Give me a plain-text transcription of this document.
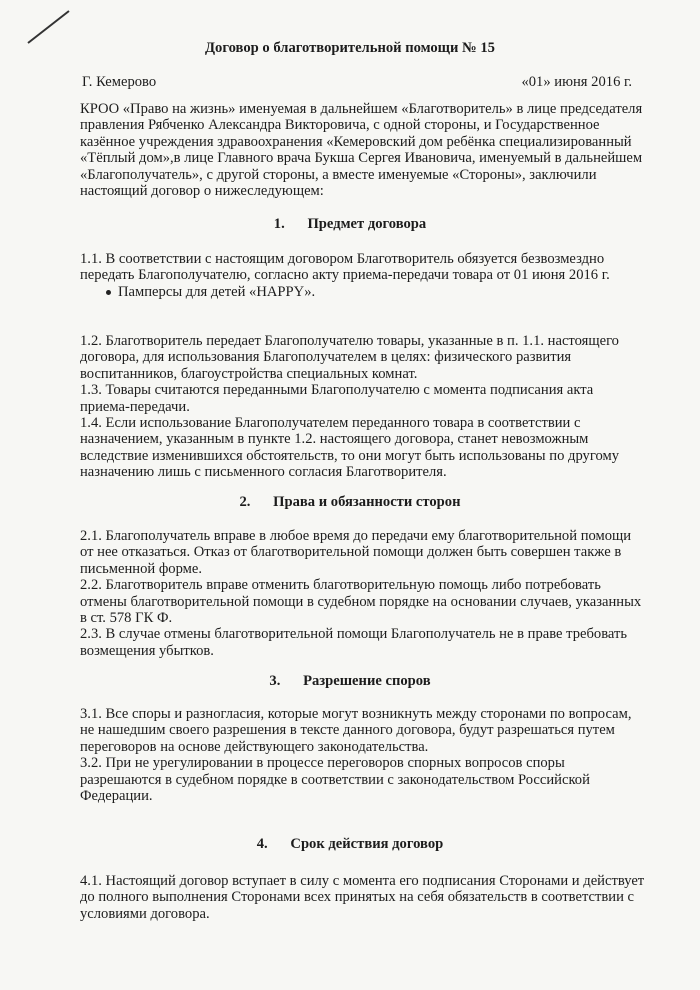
Договор о благотворительной помощи № 15
Г. Кемерово	«01» июня 2016 г.

КРОО «Право на жизнь» именуемая в дальнейшем «Благотворитель» в лице председателя

правления Рябченко Александра Викторовича, с одной стороны, и Государственное

казённое учреждения здравоохранения «Кемеровский дом ребёнка специализированный

«Тёплый дом»,в лице Главного врача Букша Сергея Ивановича, именуемый в дальнейшем

«Благополучатель», с другой стороны, а вместе именуемые «Стороны», заключили

настоящий договор о нижеследующем:

1. Предмет договора

1.1. В соответствии с настоящим договором Благотворитель обязуется безвозмездно

передать Благополучателю, согласно акту приема-передачи товара от 01 июня 2016 г.

Памперсы для детей «HAPPY».

1.2. Благотворитель передает Благополучателю товары, указанные в п. 1.1. настоящего

договора, для использования Благополучателем в целях: физического развития

воспитанников, благоустройства специальных комнат.

1.3. Товары считаются переданными Благополучателю с момента подписания акта

приема-передачи.

1.4. Если использование Благополучателем переданного товара в соответствии с

назначением, указанным в пункте 1.2. настоящего договора, станет невозможным

вследствие изменившихся обстоятельств, то они могут быть использованы по другому

назначению лишь с письменного согласия Благотворителя.

2. Права и обязанности сторон

2.1. Благополучатель вправе в любое время до передачи ему благотворительной помощи

от нее отказаться. Отказ от благотворительной помощи должен быть совершен также в

письменной форме.

2.2. Благотворитель вправе отменить благотворительную помощь либо потребовать

отмены благотворительной помощи в судебном порядке на основании случаев, указанных

в ст. 578 ГК Ф.

2.3. В случае отмены благотворительной помощи Благополучатель не в праве требовать

возмещения убытков.

3. Разрешение споров

3.1. Все споры и разногласия, которые могут возникнуть между сторонами по вопросам,

не нашедшим своего разрешения в тексте данного договора, будут разрешаться путем

переговоров на основе действующего законодательства.

3.2. При не урегулировании в процессе переговоров спорных вопросов споры

разрешаются в судебном порядке в соответствии с законодательством Российской

Федерации.

4. Срок действия договор

4.1. Настоящий договор вступает в силу с момента его подписания Сторонами и действует

до полного выполнения Сторонами всех принятых на себя обязательств в соответствии с

условиями договора.
